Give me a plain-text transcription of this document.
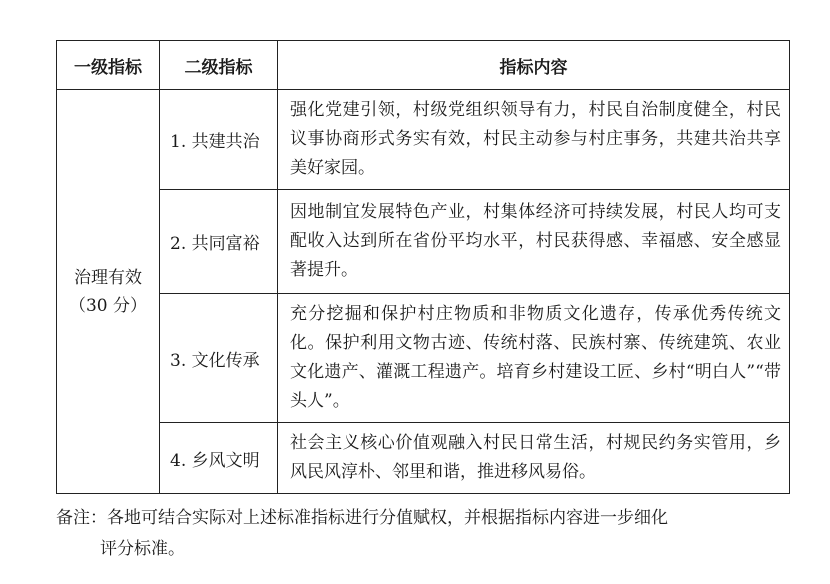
一级指标	二级指标	指标内容

治理有效
（30 分）	1. 共建共治	强化党建引领，村级党组织领导有力，村民自治制度健全，村民议事协商形式务实有效，村民主动参与村庄事务，共建共治共享美好家园。
	2. 共同富裕	因地制宜发展特色产业，村集体经济可持续发展，村民人均可支配收入达到所在省份平均水平，村民获得感、幸福感、安全感显著提升。
	3. 文化传承	充分挖掘和保护村庄物质和非物质文化遗存，传承优秀传统文化。保护利用文物古迹、传统村落、民族村寨、传统建筑、农业文化遗产、灌溉工程遗产。培育乡村建设工匠、乡村“明白人”“带头人”。
	4. 乡风文明	社会主义核心价值观融入村民日常生活，村规民约务实管用，乡风民风淳朴、邻里和谐，推进移风易俗。
备注：各地可结合实际对上述标准指标进行分值赋权，并根据指标内容进一步细化
评分标准。
